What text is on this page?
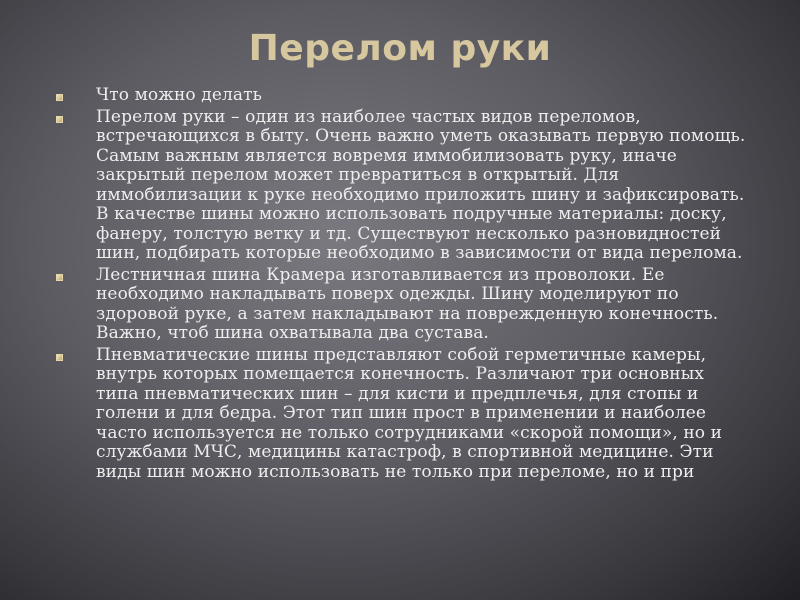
Перелом руки
Что можно делать
Перелом руки – один из наиболее частых видов переломов, встречающихся в быту. Очень важно уметь оказывать первую помощь. Самым важным является вовремя иммобилизовать руку, иначе закрытый перелом может превратиться в открытый. Для иммобилизации к руке необходимо приложить шину и зафиксировать. В качестве шины можно использовать подручные материалы: доску, фанеру, толстую ветку и тд. Существуют несколько разновидностей шин, подбирать которые необходимо в зависимости от вида перелома.
Лестничная шина Крамера изготавливается из проволоки. Ее необходимо накладывать поверх одежды. Шину моделируют по здоровой руке, а затем накладывают на поврежденную конечность. Важно, чтоб шина охватывала два сустава.
Пневматические шины представляют собой герметичные камеры, внутрь которых помещается конечность. Различают три основных типа пневматических шин – для кисти и предплечья, для стопы и голени и для бедра. Этот тип шин прост в применении и наиболее часто используется не только сотрудниками «скорой помощи», но и службами МЧС, медицины катастроф, в спортивной медицине. Эти виды шин можно использовать не только при переломе, но и при
